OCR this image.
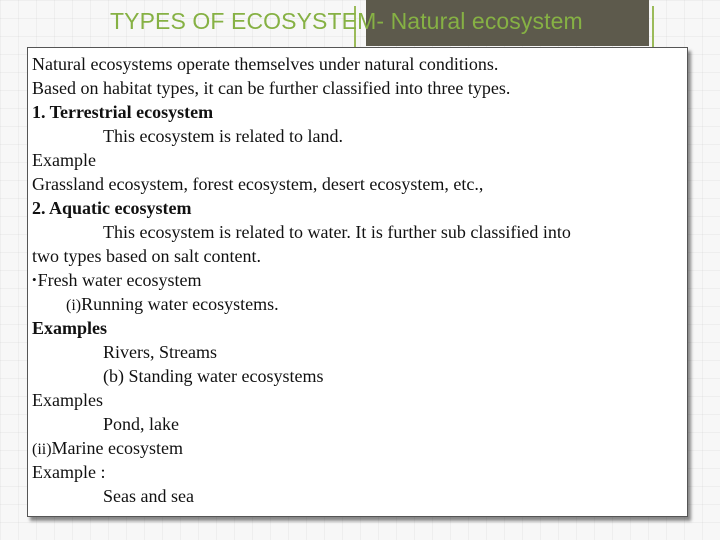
TYPES OF ECOSYSTEM- Natural ecosystem
Natural ecosystems operate themselves under natural conditions.
Based on habitat types, it can be further classified into three types.
1. Terrestrial ecosystem
This ecosystem is related to land.
Example
Grassland ecosystem, forest ecosystem, desert ecosystem, etc.,
2. Aquatic ecosystem
This ecosystem is related to water. It is further sub classified into
two types based on salt content.
•Fresh water ecosystem
(i)Running water ecosystems.
Examples
Rivers, Streams
(b) Standing water ecosystems
Examples
Pond, lake
(ii)Marine ecosystem
Example :
Seas and sea
